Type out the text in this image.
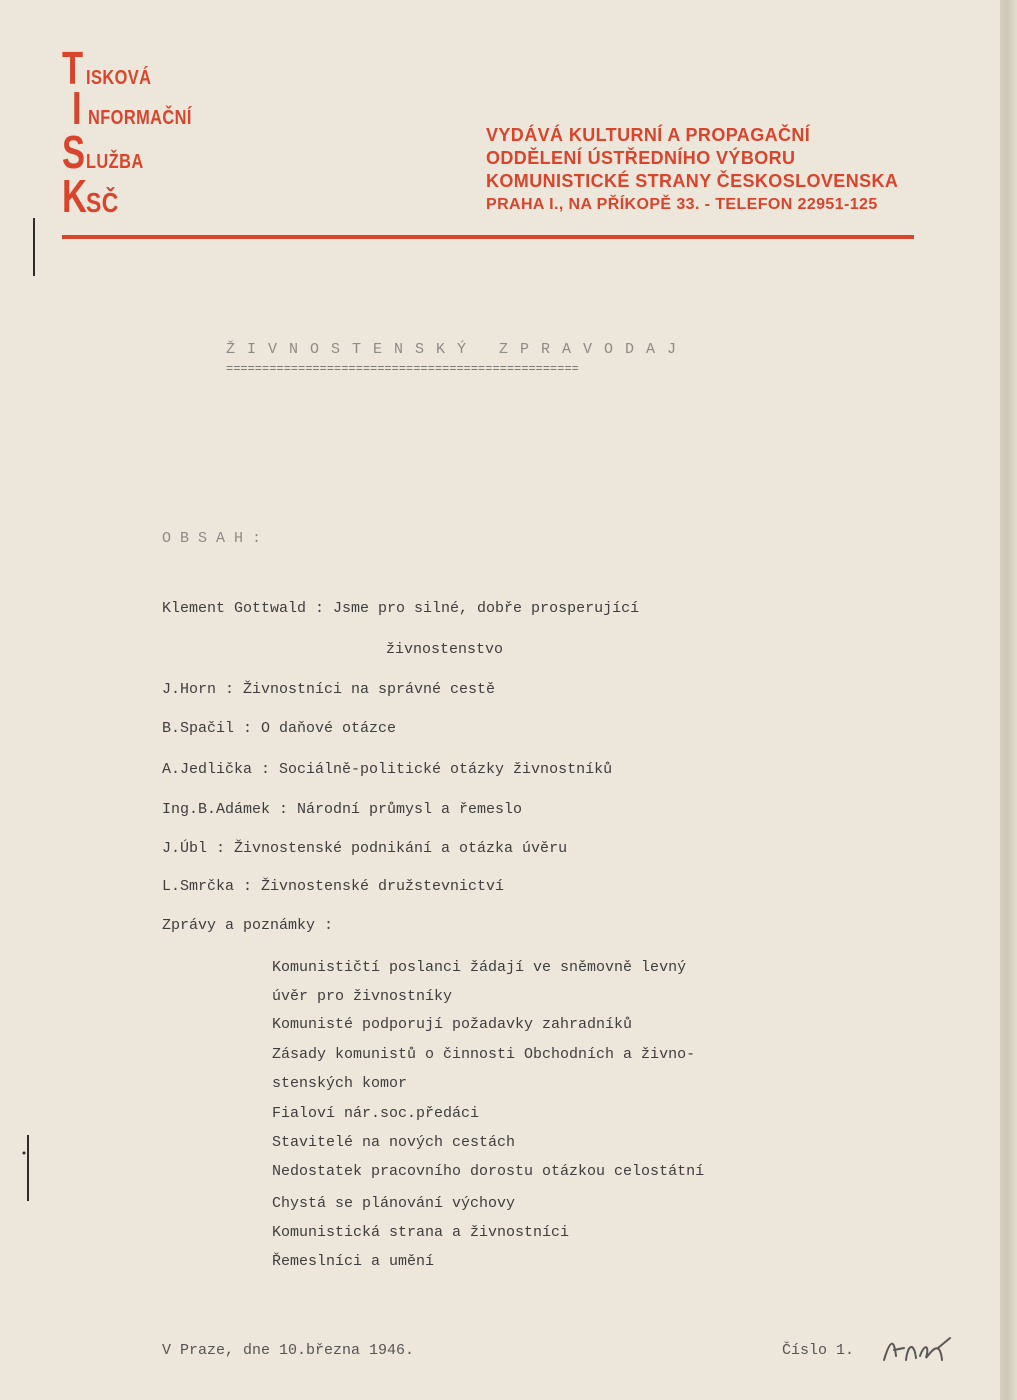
T ISKOVÁ
I NFORMAČNÍ
S LUŽBA
K SČ
VYDÁVÁ KULTURNÍ A PROPAGAČNÍ
ODDĚLENÍ ÚSTŘEDNÍHO VÝBORU
KOMUNISTICKÉ STRANY ČESKOSLOVENSKA
PRAHA I., NA PŘÍKOPĚ 33. - TELEFON 22951-125
ŽIVNOSTENSKÝ ZPRAVODAJ
=================================================
OBSAH:
Klement Gottwald : Jsme pro silné, dobře prosperující
živnostenstvo
J.Horn : Živnostníci na správné cestě
B.Spačil : O daňové otázce
A.Jedlička : Sociálně-politické otázky živnostníků
Ing.B.Adámek : Národní průmysl a řemeslo
J.Úbl : Živnostenské podnikání a otázka úvěru
L.Smrčka : Živnostenské družstevnictví
Zprávy a poznámky :
Komunističtí poslanci žádají ve sněmovně levný
úvěr pro živnostníky
Komunisté podporují požadavky zahradníků
Zásady komunistů o činnosti Obchodních a živno-
stenských komor
Fialoví nár.soc.předáci
Stavitelé na nových cestách
Nedostatek pracovního dorostu otázkou celostátní
Chystá se plánování výchovy
Komunistická strana a živnostníci
Řemeslníci a umění
V Praze, dne 10.března 1946.	Číslo 1.
